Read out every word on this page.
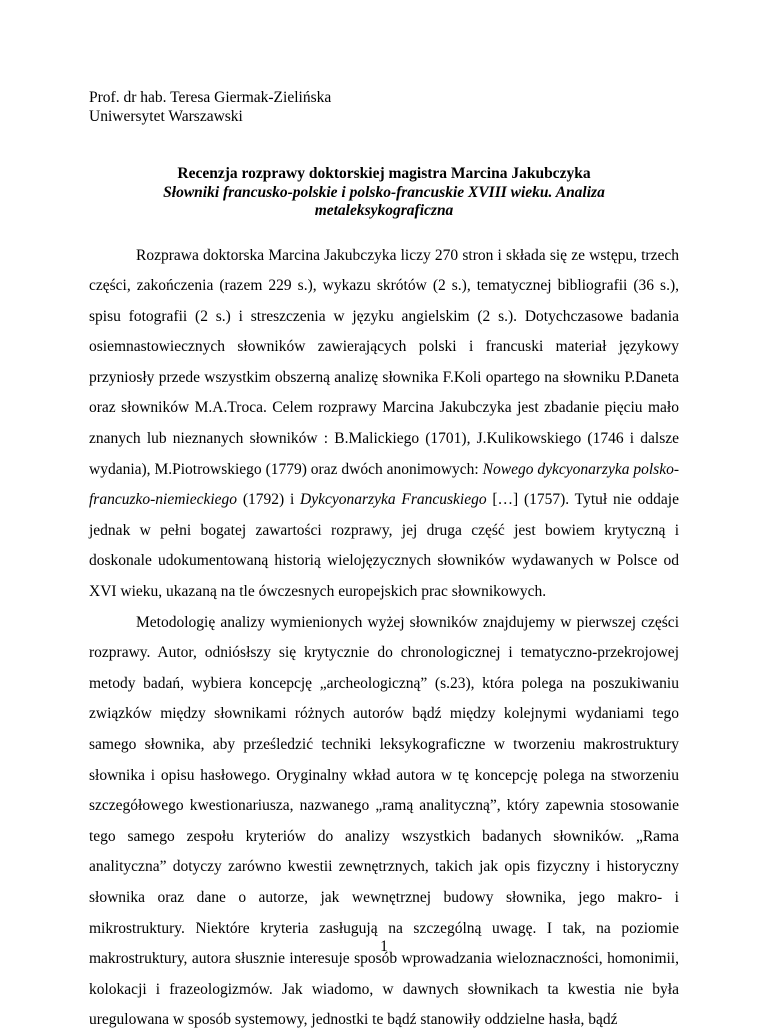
Prof. dr hab. Teresa Giermak-Zielińska

Uniwersytet Warszawski

Recenzja rozprawy doktorskiej magistra Marcina Jakubczyka
Słowniki francusko-polskie i polsko-francuskie XVIII wieku. Analiza
metaleksykograficzna

Rozprawa doktorska Marcina Jakubczyka liczy 270 stron i składa się ze wstępu, trzech części, zakończenia (razem 229 s.), wykazu skrótów (2 s.), tematycznej bibliografii (36 s.), spisu fotografii (2 s.) i streszczenia w języku angielskim (2 s.). Dotychczasowe badania osiemnastowiecznych słowników zawierających polski i francuski materiał językowy przyniosły przede wszystkim obszerną analizę słownika F.Koli opartego na słowniku P.Daneta oraz słowników M.A.Troca. Celem rozprawy Marcina Jakubczyka jest zbadanie pięciu mało znanych lub nieznanych słowników : B.Malickiego (1701), J.Kulikowskiego (1746 i dalsze wydania), M.Piotrowskiego (1779) oraz dwóch anonimowych: Nowego dykcyonarzyka polsko-francuzko-niemieckiego (1792) i Dykcyonarzyka Francuskiego […] (1757). Tytuł nie oddaje jednak w pełni bogatej zawartości rozprawy, jej druga część jest bowiem krytyczną i doskonale udokumentowaną historią wielojęzycznych słowników wydawanych w Polsce od XVI wieku, ukazaną na tle ówczesnych europejskich prac słownikowych.

Metodologię analizy wymienionych wyżej słowników znajdujemy w pierwszej części rozprawy. Autor, odniósłszy się krytycznie do chronologicznej i tematyczno-przekrojowej metody badań, wybiera koncepcję „archeologiczną” (s.23), która polega na poszukiwaniu związków między słownikami różnych autorów bądź między kolejnymi wydaniami tego samego słownika, aby prześledzić techniki leksykograficzne w tworzeniu makrostruktury słownika i opisu hasłowego. Oryginalny wkład autora w tę koncepcję polega na stworzeniu szczegółowego kwestionariusza, nazwanego „ramą analityczną”, który zapewnia stosowanie tego samego zespołu kryteriów do analizy wszystkich badanych słowników. „Rama analityczna” dotyczy zarówno kwestii zewnętrznych, takich jak opis fizyczny i historyczny słownika oraz dane o autorze, jak wewnętrznej budowy słownika, jego makro- i mikrostruktury. Niektóre kryteria zasługują na szczególną uwagę. I tak, na poziomie makrostruktury, autora słusznie interesuje sposób wprowadzania wieloznaczności, homonimii, kolokacji i frazeologizmów. Jak wiadomo, w dawnych słownikach ta kwestia nie była uregulowana w sposób systemowy, jednostki te bądź stanowiły oddzielne hasła, bądź

1
